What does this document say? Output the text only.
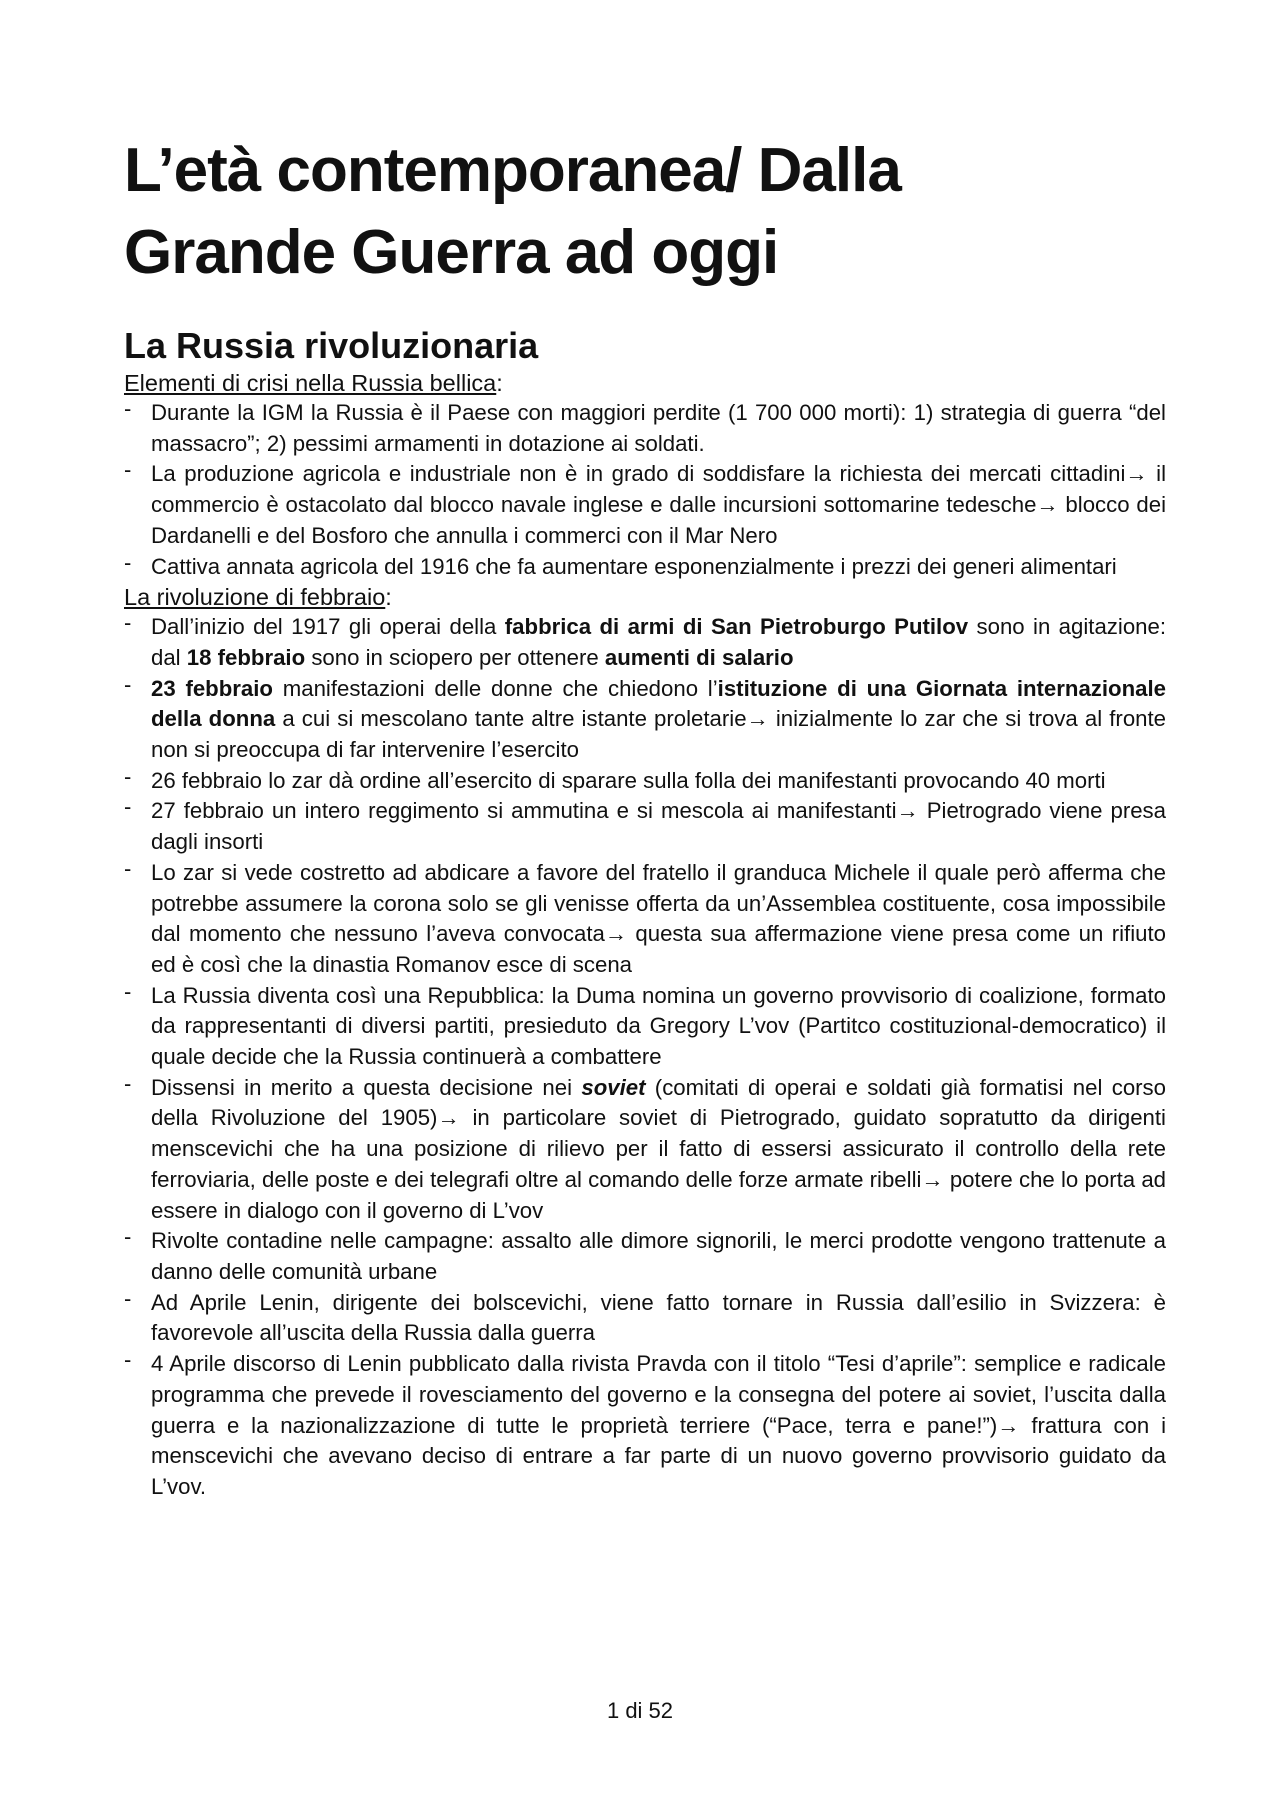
L’età contemporanea/ Dalla
Grande Guerra ad oggi
La Russia rivoluzionaria

Elementi di crisi nella Russia bellica:

- Durante la IGM la Russia è il Paese con maggiori perdite (1 700 000 morti): 1) strategia di guerra “del massacro”; 2) pessimi armamenti in dotazione ai soldati.
- La produzione agricola e industriale non è in grado di soddisfare la richiesta dei mercati cittadini→ il commercio è ostacolato dal blocco navale inglese e dalle incursioni sottomarine tedesche→ blocco dei Dardanelli e del Bosforo che annulla i commerci con il Mar Nero
- Cattiva annata agricola del 1916 che fa aumentare esponenzialmente i prezzi dei generi alimentari

La rivoluzione di febbraio:

- Dall’inizio del 1917 gli operai della fabbrica di armi di San Pietroburgo Putilov sono in agitazione: dal 18 febbraio sono in sciopero per ottenere aumenti di salario
- 23 febbraio manifestazioni delle donne che chiedono l’istituzione di una Giornata internazionale della donna a cui si mescolano tante altre istante proletarie→ inizialmente lo zar che si trova al fronte non si preoccupa di far intervenire l’esercito
- 26 febbraio lo zar dà ordine all’esercito di sparare sulla folla dei manifestanti provocando 40 morti
- 27 febbraio un intero reggimento si ammutina e si mescola ai manifestanti→ Pietrogrado viene presa dagli insorti
- Lo zar si vede costretto ad abdicare a favore del fratello il granduca Michele il quale però afferma che potrebbe assumere la corona solo se gli venisse offerta da un’Assemblea costituente, cosa impossibile dal momento che nessuno l’aveva convocata→ questa sua affermazione viene presa come un rifiuto ed è così che la dinastia Romanov esce di scena
- La Russia diventa così una Repubblica: la Duma nomina un governo provvisorio di coalizione, formato da rappresentanti di diversi partiti, presieduto da Gregory L’vov (Partitco costituzional-democratico) il quale decide che la Russia continuerà a combattere
- Dissensi in merito a questa decisione nei soviet (comitati di operai e soldati già formatisi nel corso della Rivoluzione del 1905)→ in particolare soviet di Pietrogrado, guidato sopratutto da dirigenti menscevichi che ha una posizione di rilievo per il fatto di essersi assicurato il controllo della rete ferroviaria, delle poste e dei telegrafi oltre al comando delle forze armate ribelli→ potere che lo porta ad essere in dialogo con il governo di L’vov
- Rivolte contadine nelle campagne: assalto alle dimore signorili, le merci prodotte vengono trattenute a danno delle comunità urbane
- Ad Aprile Lenin, dirigente dei bolscevichi, viene fatto tornare in Russia dall’esilio in Svizzera: è favorevole all’uscita della Russia dalla guerra
- 4 Aprile discorso di Lenin pubblicato dalla rivista Pravda con il titolo “Tesi d’aprile”: semplice e radicale programma che prevede il rovesciamento del governo e la consegna del potere ai soviet, l’uscita dalla guerra e la nazionalizzazione di tutte le proprietà terriere (“Pace, terra e pane!”)→ frattura con i menscevichi che avevano deciso di entrare a far parte di un nuovo governo provvisorio guidato da L’vov.
1 di 52
